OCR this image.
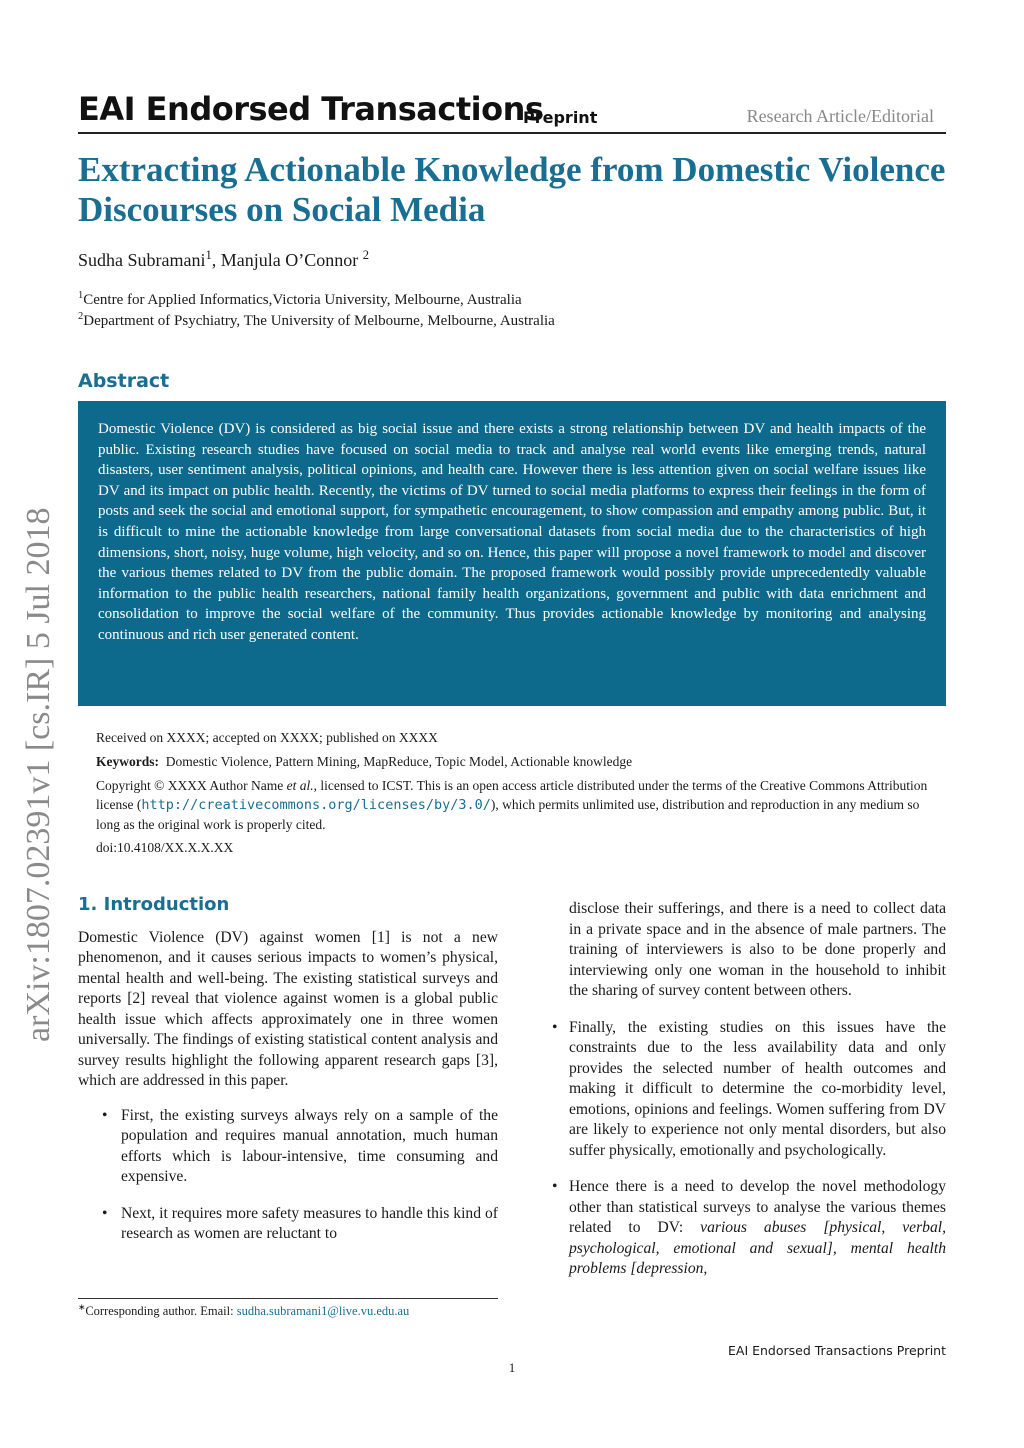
EAI Endorsed Transactions
Preprint	Research Article/Editorial
Extracting Actionable Knowledge from Domestic Violence Discourses on Social Media
Sudha Subramani$^1$, Manjula O’Connor $^2$
$^1$Centre for Applied Informatics,Victoria University, Melbourne, Australia
$^2$Department of Psychiatry, The University of Melbourne, Melbourne, Australia
Abstract
Domestic Violence (DV) is considered as big social issue and there exists a strong relationship between DV and health impacts of the public. Existing research studies have focused on social media to track and analyse real world events like emerging trends, natural disasters, user sentiment analysis, political opinions, and health care. However there is less attention given on social welfare issues like DV and its impact on public health. Recently, the victims of DV turned to social media platforms to express their feelings in the form of posts and seek the social and emotional support, for sympathetic encouragement, to show compassion and empathy among public. But, it is difficult to mine the actionable knowledge from large conversational datasets from social media due to the characteristics of high dimensions, short, noisy, huge volume, high velocity, and so on. Hence, this paper will propose a novel framework to model and discover the various themes related to DV from the public domain. The proposed framework would possibly provide unprecedentedly valuable information to the public health researchers, national family health organizations, government and public with data enrichment and consolidation to improve the social welfare of the community. Thus provides actionable knowledge by monitoring and analysing continuous and rich user generated content.
Received on XXXX; accepted on XXXX; published on XXXX
Keywords: Domestic Violence, Pattern Mining, MapReduce, Topic Model, Actionable knowledge
Copyright © XXXX Author Name et al., licensed to ICST. This is an open access article distributed under the terms of the Creative Commons Attribution license (http://creativecommons.org/licenses/by/3.0/), which permits unlimited use, distribution and reproduction in any medium so long as the original work is properly cited.
doi:10.4108/XX.X.X.XX
arXiv:1807.02391v1 [cs.IR] 5 Jul 2018 1. Introduction
Domestic Violence (DV) against women [1] is not a new phenomenon, and it causes serious impacts to women’s physical, mental health and well-being. The existing statistical surveys and reports [2] reveal that violence against women is a global public health issue which affects approximately one in three women universally. The findings of existing statistical content analysis and survey results highlight the following apparent research gaps [3], which are addressed in this paper.
• First, the existing surveys always rely on a sample of the population and requires manual annotation, much human efforts which is labour-intensive, time consuming and expensive.
• Next, it requires more safety measures to handle this kind of research as women are reluctant to
disclose their sufferings, and there is a need to collect data in a private space and in the absence of male partners. The training of interviewers is also to be done properly and interviewing only one woman in the household to inhibit the sharing of survey content between others.
• Finally, the existing studies on this issues have the constraints due to the less availability data and only provides the selected number of health outcomes and making it difficult to determine the co-morbidity level, emotions, opinions and feelings. Women suffering from DV are likely to experience not only mental disorders, but also suffer physically, emotionally and psychologically.
• Hence there is a need to develop the novel methodology other than statistical surveys to analyse the various themes related to DV: various abuses [physical, verbal, psychological, emotional and sexual], mental health problems [depression,
∗Corresponding author. Email: sudha.subramani1@live.vu.edu.au
EAI Endorsed Transactions Preprint
1
